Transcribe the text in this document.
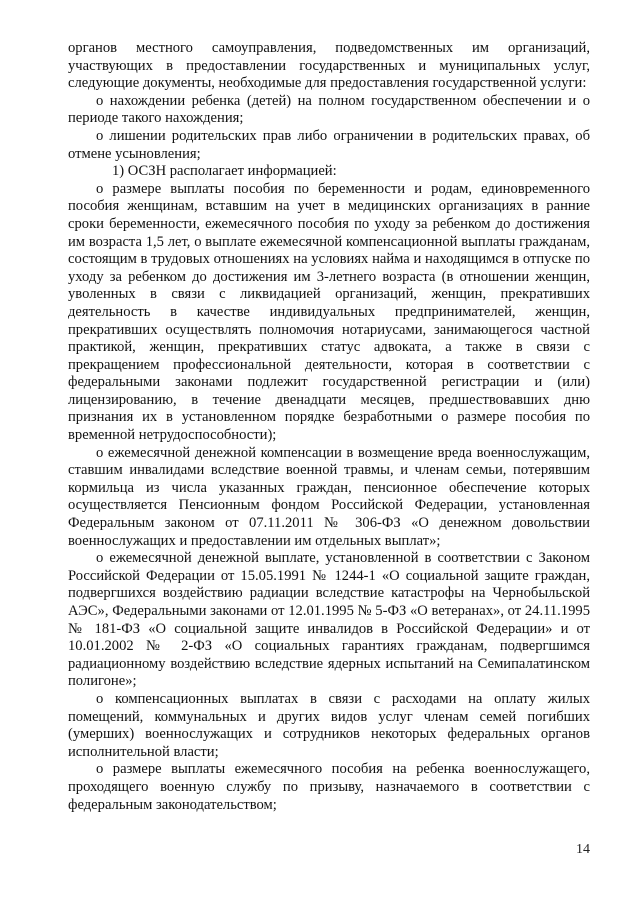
органов местного самоуправления, подведомственных им организаций, участвующих в предоставлении государственных и муниципальных услуг, следующие документы, необходимые для предоставления государственной услуги:

о нахождении ребенка (детей) на полном государственном обеспечении и о периоде такого нахождения;

о лишении родительских прав либо ограничении в родительских правах, об отмене усыновления;

1) ОСЗН располагает информацией:

о размере выплаты пособия по беременности и родам, единовременного пособия женщинам, вставшим на учет в медицинских организациях в ранние сроки беременности, ежемесячного пособия по уходу за ребенком до достижения им возраста 1,5 лет, о выплате ежемесячной компенсационной выплаты гражданам, состоящим в трудовых отношениях на условиях найма и находящимся в отпуске по уходу за ребенком до достижения им 3-летнего возраста (в отношении женщин, уволенных в связи с ликвидацией организаций, женщин, прекративших деятельность в качестве индивидуальных предпринимателей, женщин, прекративших осуществлять полномочия нотариусами, занимающегося частной практикой, женщин, прекративших статус адвоката, а также в связи с прекращением профессиональной деятельности, которая в соответствии с федеральными законами подлежит государственной регистрации и (или) лицензированию, в течение двенадцати месяцев, предшествовавших дню признания их в установленном порядке безработными о размере пособия по временной нетрудоспособности);

о ежемесячной денежной компенсации в возмещение вреда военнослужащим, ставшим инвалидами вследствие военной травмы, и членам семьи, потерявшим кормильца из числа указанных граждан, пенсионное обеспечение которых осуществляется Пенсионным фондом Российской Федерации, установленная Федеральным законом от 07.11.2011 № 306-ФЗ «О денежном довольствии военнослужащих и предоставлении им отдельных выплат»;

о ежемесячной денежной выплате, установленной в соответствии с Законом Российской Федерации от 15.05.1991 № 1244-1 «О социальной защите граждан, подвергшихся воздействию радиации вследствие катастрофы на Чернобыльской АЭС», Федеральными законами от 12.01.1995 № 5-ФЗ «О ветеранах», от 24.11.1995 № 181-ФЗ «О социальной защите инвалидов в Российской Федерации» и от 10.01.2002 № 2-ФЗ «О социальных гарантиях гражданам, подвергшимся радиационному воздействию вследствие ядерных испытаний на Семипалатинском полигоне»;

о компенсационных выплатах в связи с расходами на оплату жилых помещений, коммунальных и других видов услуг членам семей погибших (умерших) военнослужащих и сотрудников некоторых федеральных органов исполнительной власти;

о размере выплаты ежемесячного пособия на ребенка военнослужащего, проходящего военную службу по призыву, назначаемого в соответствии с федеральным законодательством;

14
